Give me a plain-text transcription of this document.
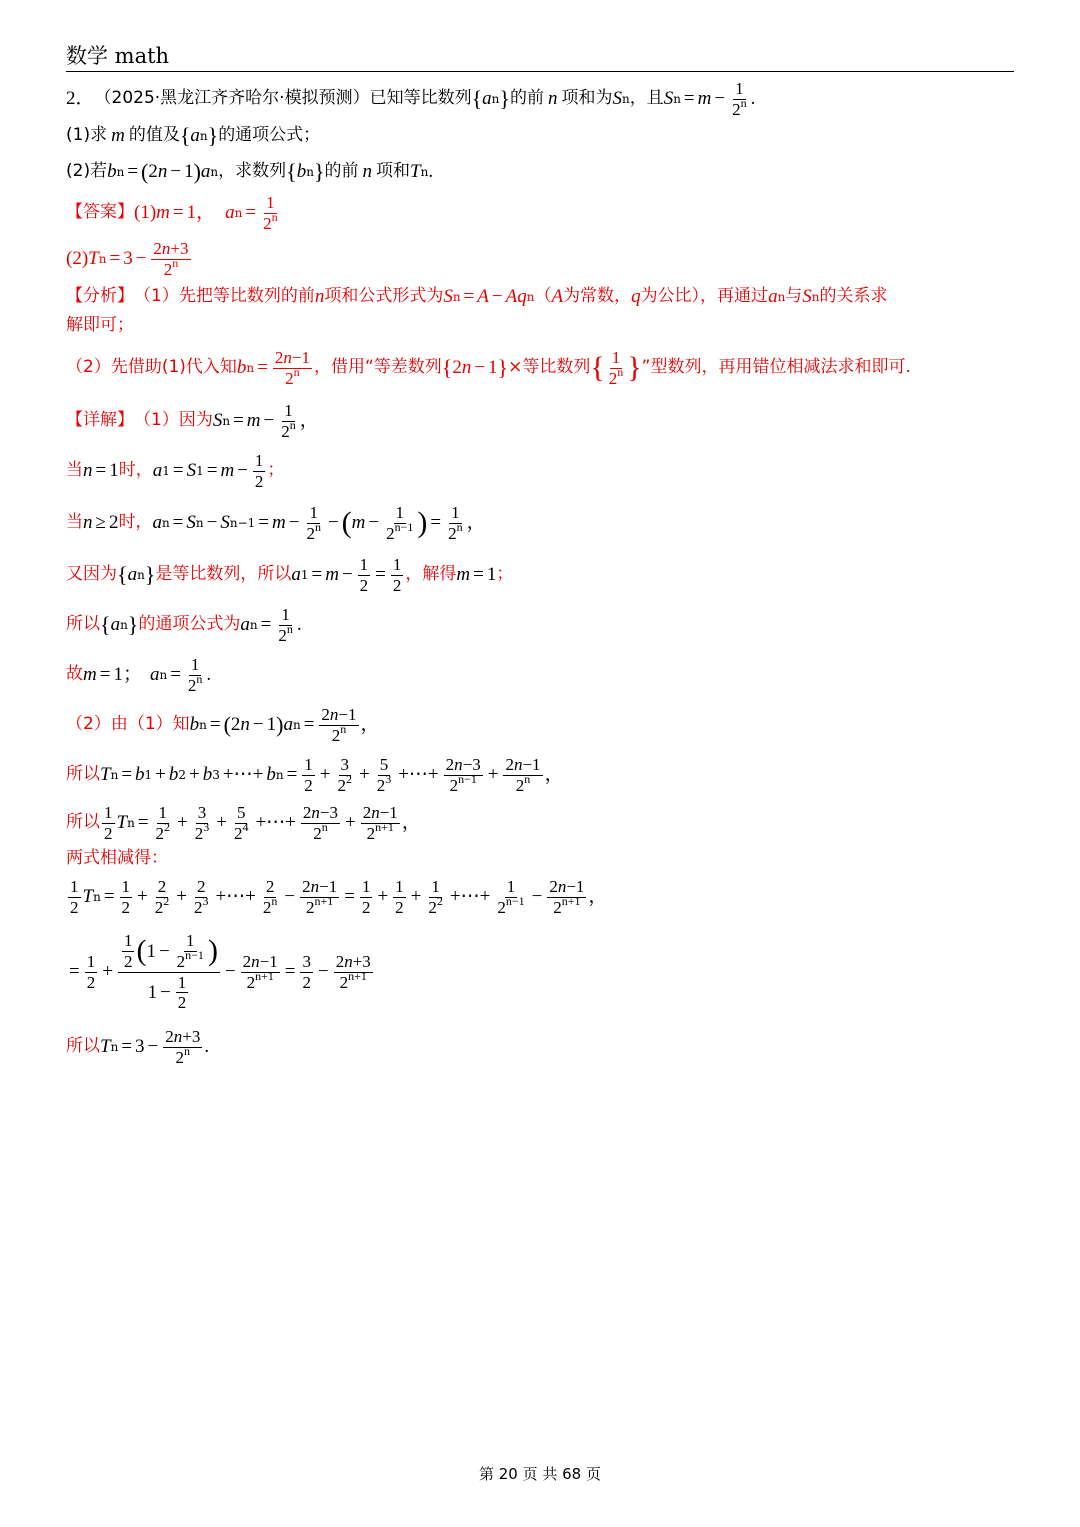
数学 math
2． （2025·黑龙江齐齐哈尔·模拟预测） 已知等比数列 { a n } 的前 n 项和为 S n ，且 S $n = m - \frac{1}{2^n}$ .
(1)求 m 的值及 { a n } 的通项公式；
(2)若 b n = ( 2 n − 1 ) a n ，求数列 { b n } 的前 n 项和 T n .
【答案】 (1) m = 1， a $n = \frac{1}{2^n}$
(2) T $n = 3 - \frac{2n+3}{2^n}$
【分析】 （1）先把等比数列的前 n 项和公式形式为 S n = A − Aq n （ A 为常数， q 为公比），再通过 a n 与 S n 的关系求
解即可；
（2）先借助(1)代入知 b $n = \frac{2n-1}{2^n}$ ，借用“等差数列 { 2 n − 1 } ×等比数列 { $\frac{1}{2^n}$ } ”型数列，再用错位相减法求和即可.
【详解】 （1）因为 S $n = m - \frac{1}{2^n}$ ，
当 n = 1 时， a 1 = S $1 = m - \frac{1}{2}$ ；
当 n ≥ 2 时， a n = S n − S $n-1 = m - \frac{1}{2^n}$ − ( $m - \frac{1}{2^{n-1}}$ ) = $\frac{1}{2^n}$ ，
又因为 { a n } 是等比数列，所以 a $1 = m - \frac{1}{2} = \frac{1}{2}$ ，解得 m = 1 ；
所以 { a n } 的通项公式为 a $n = \frac{1}{2^n}$ .
故 m = 1； a $n = \frac{1}{2^n}$ .
（2）由（1）知 b n = ( 2 n − 1 ) a $n = \frac{2n-1}{2^n}$ ，
所以 T n = b 1 + b 2 + b 3 +⋯+ b $n = \frac{1}{2} + \frac{3}{2^2} + \frac{5}{2^3}$ +⋯+ $\frac{2n-3}{2^{n-1}} + \frac{2n-1}{2^n}$ ，
所以 $\frac{1}{2}$ T $n = \frac{1}{2^2} + \frac{3}{2^3} + \frac{5}{2^4}$ +⋯+ $\frac{2n-3}{2^n} + \frac{2n-1}{2^{n+1}}$ ，
两式相减得：
$\frac{1}{2}$ T $n = \frac{1}{2} + \frac{2}{2^2} + \frac{2}{2^3}$ +⋯+ $\frac{2}{2^n} - \frac{2n-1}{2^{n+1}} = \frac{1}{2} + \frac{1}{2} + \frac{1}{2^2}$ +⋯+ $\frac{1}{2^{n-1}} - \frac{2n-1}{2^{n+1}}$ ，
= $\frac{1}{2} + \frac{\frac{1}{2} ( 1 - \frac{1}{2^{n-1}} )}{1 - \frac{1}{2}} - \frac{2n-1}{2^{n+1}} = \frac{3}{2} - \frac{2n+3}{2^{n+1}}$
所以 T $n = 3 - \frac{2n+3}{2^n}$ .
第 20 页 共 68 页
